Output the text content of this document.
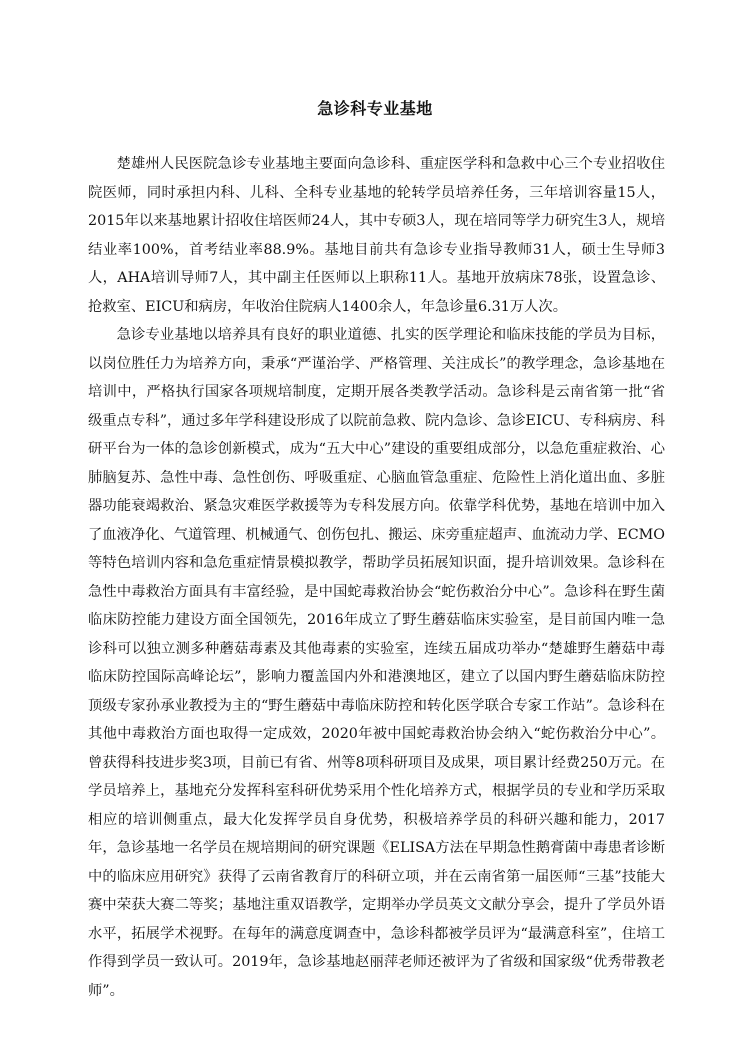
急诊科专业基地

楚雄州人民医院急诊专业基地主要面向急诊科、重症医学科和急救中心三个专业招收住院医师，同时承担内科、儿科、全科专业基地的轮转学员培养任务，三年培训容量15人，2015年以来基地累计招收住培医师24人，其中专硕3人，现在培同等学力研究生3人，规培结业率100%，首考结业率88.9%。基地目前共有急诊专业指导教师31人，硕士生导师3人，AHA培训导师7人，其中副主任医师以上职称11人。基地开放病床78张，设置急诊、抢救室、EICU和病房，年收治住院病人1400余人，年急诊量6.31万人次。

急诊专业基地以培养具有良好的职业道德、扎实的医学理论和临床技能的学员为目标，以岗位胜任力为培养方向，秉承“严谨治学、严格管理、关注成长”的教学理念，急诊基地在培训中，严格执行国家各项规培制度，定期开展各类教学活动。急诊科是云南省第一批“省级重点专科”，通过多年学科建设形成了以院前急救、院内急诊、急诊EICU、专科病房、科研平台为一体的急诊创新模式，成为“五大中心”建设的重要组成部分，以急危重症救治、心肺脑复苏、急性中毒、急性创伤、呼吸重症、心脑血管急重症、危险性上消化道出血、多脏器功能衰竭救治、紧急灾难医学救援等为专科发展方向。依靠学科优势，基地在培训中加入了血液净化、气道管理、机械通气、创伤包扎、搬运、床旁重症超声、血流动力学、ECMO等特色培训内容和急危重症情景模拟教学，帮助学员拓展知识面，提升培训效果。急诊科在急性中毒救治方面具有丰富经验，是中国蛇毒救治协会“蛇伤救治分中心”。急诊科在野生菌临床防控能力建设方面全国领先，2016年成立了野生蘑菇临床实验室，是目前国内唯一急诊科可以独立测多种蘑菇毒素及其他毒素的实验室，连续五届成功举办“楚雄野生蘑菇中毒临床防控国际高峰论坛”，影响力覆盖国内外和港澳地区，建立了以国内野生蘑菇临床防控顶级专家孙承业教授为主的“野生蘑菇中毒临床防控和转化医学联合专家工作站”。急诊科在其他中毒救治方面也取得一定成效，2020年被中国蛇毒救治协会纳入“蛇伤救治分中心”。曾获得科技进步奖3项，目前已有省、州等8项科研项目及成果，项目累计经费250万元。在学员培养上，基地充分发挥科室科研优势采用个性化培养方式，根据学员的专业和学历采取相应的培训侧重点，最大化发挥学员自身优势，积极培养学员的科研兴趣和能力，2017年，急诊基地一名学员在规培期间的研究课题《ELISA方法在早期急性鹅膏菌中毒患者诊断中的临床应用研究》获得了云南省教育厅的科研立项，并在云南省第一届医师“三基”技能大赛中荣获大赛二等奖；基地注重双语教学，定期举办学员英文文献分享会，提升了学员外语水平，拓展学术视野。在每年的满意度调查中，急诊科都被学员评为“最满意科室”，住培工作得到学员一致认可。2019年，急诊基地赵丽萍老师还被评为了省级和国家级“优秀带教老师”。
